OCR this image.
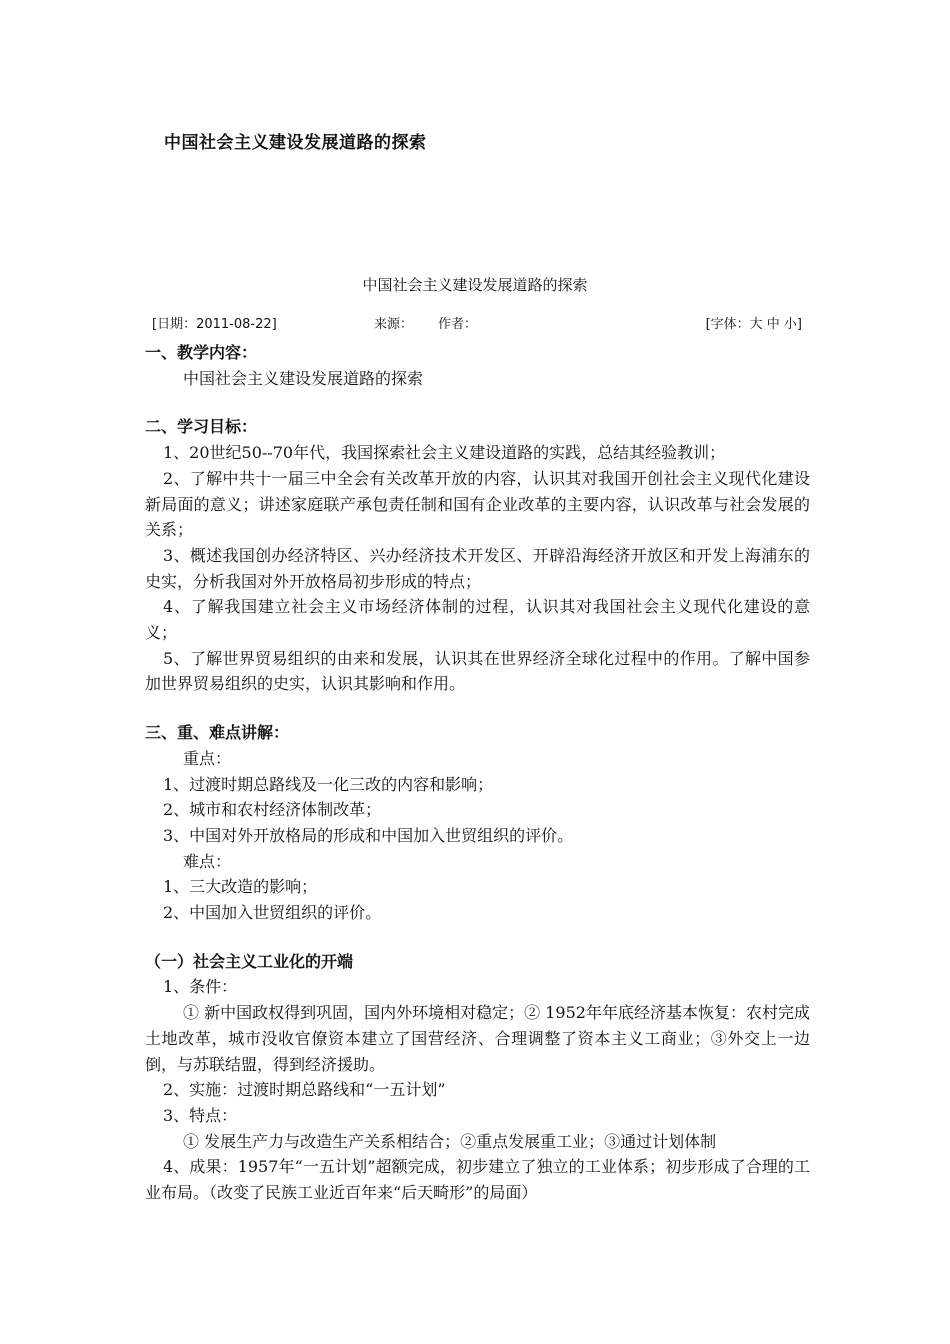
中国社会主义建设发展道路的探索
中国社会主义建设发展道路的探索
[日期：2011-08-22]	来源： 作者：	[字体：大 中 小]

一、教学内容：

中国社会主义建设发展道路的探索

二、学习目标：

1、20世纪50--70年代，我国探索社会主义建设道路的实践，总结其经验教训；

2、了解中共十一届三中全会有关改革开放的内容，认识其对我国开创社会主义现代化建设新局面的意义；讲述家庭联产承包责任制和国有企业改革的主要内容，认识改革与社会发展的关系；

3、概述我国创办经济特区、兴办经济技术开发区、开辟沿海经济开放区和开发上海浦东的史实，分析我国对外开放格局初步形成的特点；

4、了解我国建立社会主义市场经济体制的过程，认识其对我国社会主义现代化建设的意义；

5、了解世界贸易组织的由来和发展，认识其在世界经济全球化过程中的作用。了解中国参加世界贸易组织的史实，认识其影响和作用。

三、重、难点讲解：

重点：

1、过渡时期总路线及一化三改的内容和影响；

2、城市和农村经济体制改革；

3、中国对外开放格局的形成和中国加入世贸组织的评价。

难点：

1、三大改造的影响；

2、中国加入世贸组织的评价。

（一）社会主义工业化的开端

1、条件：

① 新中国政权得到巩固，国内外环境相对稳定；② 1952年年底经济基本恢复：农村完成土地改革，城市没收官僚资本建立了国营经济、合理调整了资本主义工商业；③外交上一边倒，与苏联结盟，得到经济援助。

2、实施：过渡时期总路线和“一五计划”

3、特点：

① 发展生产力与改造生产关系相结合；②重点发展重工业；③通过计划体制

4、成果：1957年“一五计划”超额完成，初步建立了独立的工业体系；初步形成了合理的工业布局。（改变了民族工业近百年来“后天畸形”的局面）
